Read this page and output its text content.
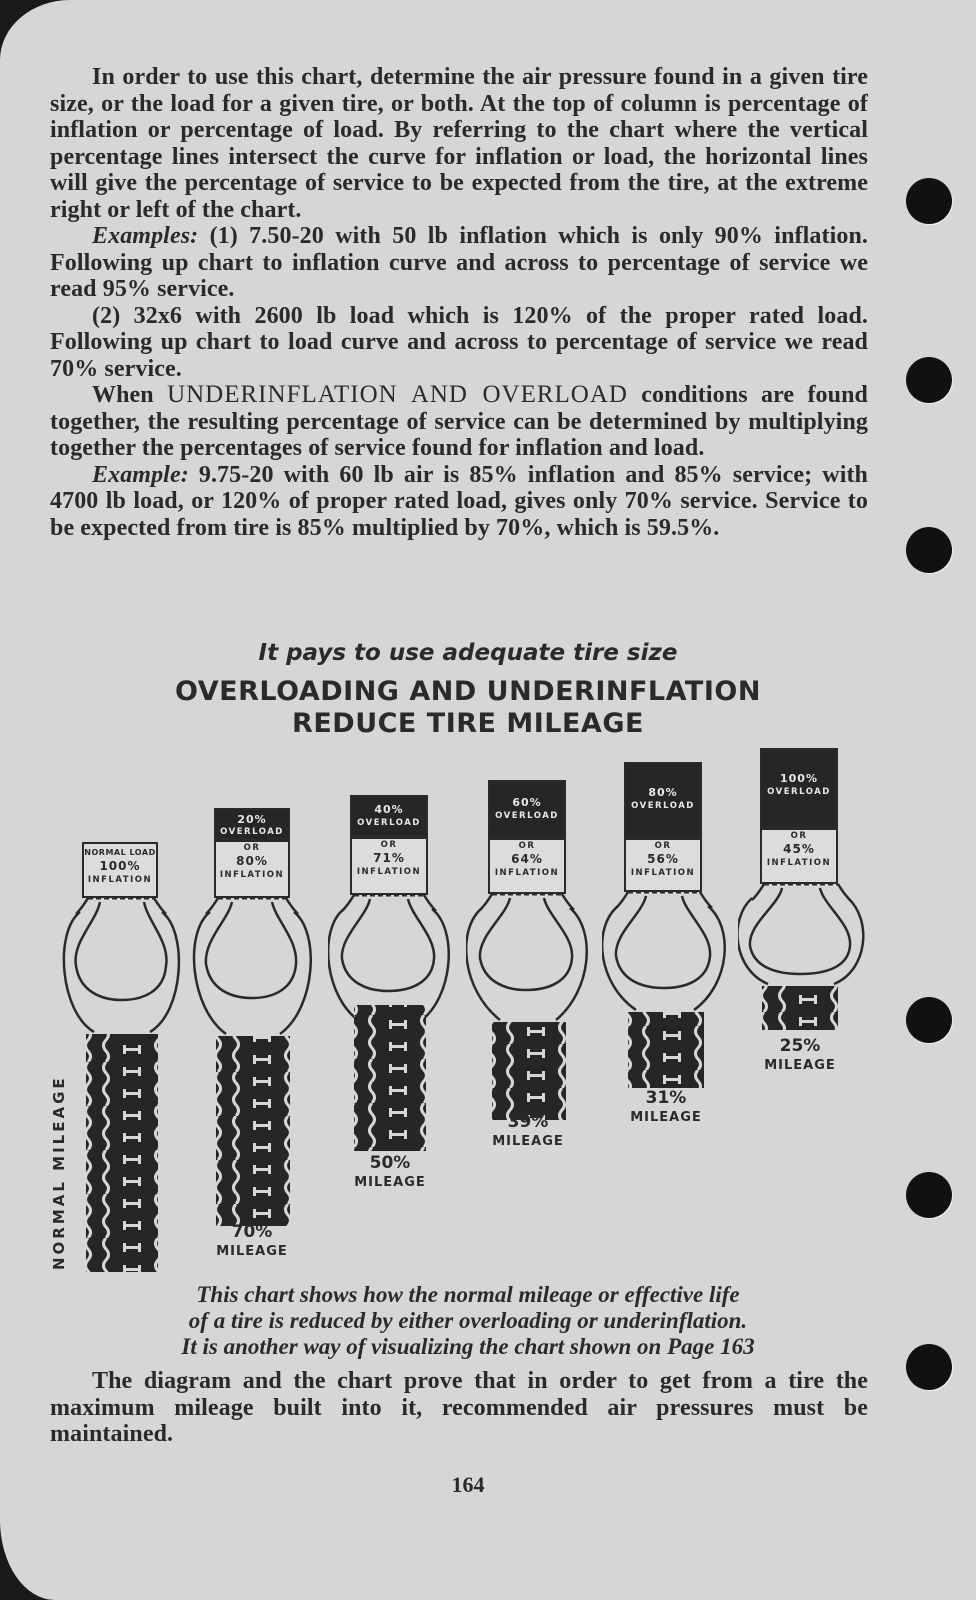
In order to use this chart, determine the air pressure found in a given tire size, or the load for a given tire, or both. At the top of column is percentage of inflation or percentage of load. By referring to the chart where the vertical percentage lines intersect the curve for inflation or load, the horizontal lines will give the percentage of service to be expected from the tire, at the extreme right or left of the chart.

Examples: (1) 7.50-20 with 50 lb inflation which is only 90% inflation. Following up chart to inflation curve and across to percentage of service we read 95% service.

(2) 32x6 with 2600 lb load which is 120% of the proper rated load. Following up chart to load curve and across to percentage of service we read 70% service.

When UNDERINFLATION AND OVERLOAD conditions are found together, the resulting percentage of service can be determined by multiplying together the percentages of service found for inflation and load.

Example: 9.75-20 with 60 lb air is 85% inflation and 85% service; with 4700 lb load, or 120% of proper rated load, gives only 70% service. Service to be expected from tire is 85% multiplied by 70%, which is 59.5%.

It pays to use adequate tire size
OVERLOADING AND UNDERINFLATION
REDUCE TIRE MILEAGE
NORMAL MILEAGE
NORMAL LOAD
100%
INFLATION
20%
OVERLOAD
OR
80%
INFLATION
70%
MILEAGE
40%
OVERLOAD
OR
71%
INFLATION
50%
MILEAGE
60%
OVERLOAD
OR
64%
INFLATION
39%
MILEAGE
80%
OVERLOAD
OR
56%
INFLATION
31%
MILEAGE
100%
OVERLOAD
OR
45%
INFLATION
25%
MILEAGE
This chart shows how the normal mileage or effective life
of a tire is reduced by either overloading or underinflation.
It is another way of visualizing the chart shown on Page 163

The diagram and the chart prove that in order to get from a tire the maximum mileage built into it, recommended air pressures must be maintained.

164
